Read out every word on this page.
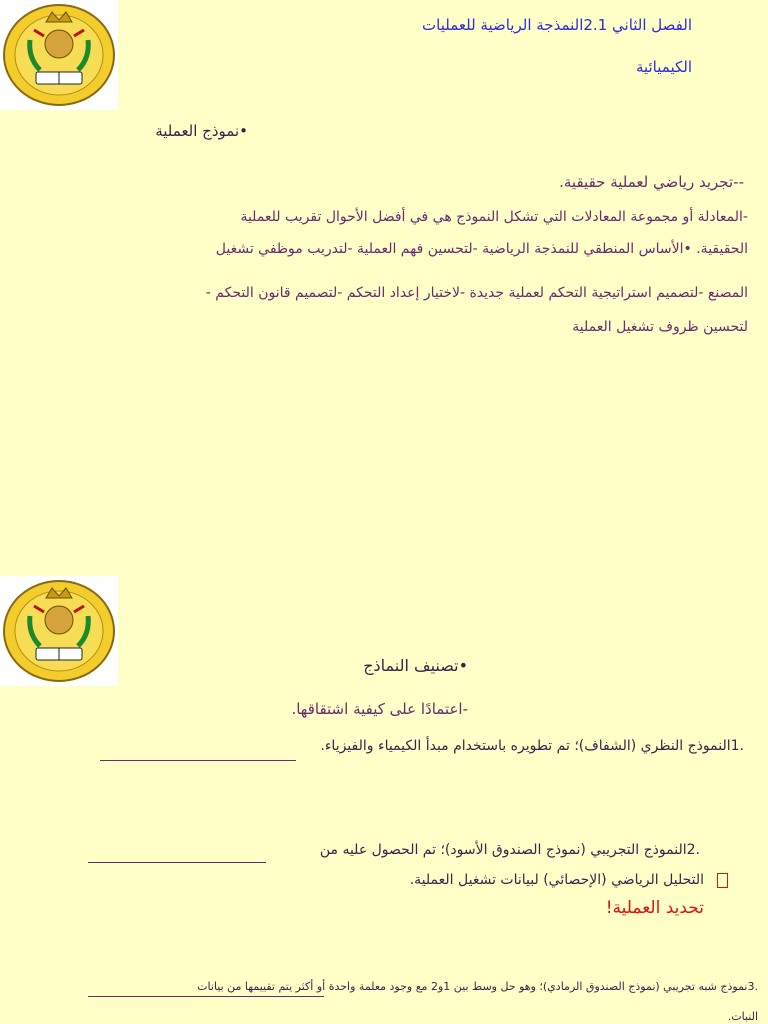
الفصل الثاني 2.1النمذجة الرياضية للعمليات
الكيميائية
•نموذج العملية
--تجريد رياضي لعملية حقيقية.
-المعادلة أو مجموعة المعادلات التي تشكل النموذج هي في أفضل الأحوال تقريب للعملية
الحقيقية. •الأساس المنطقي للنمذجة الرياضية -لتحسين فهم العملية -لتدريب موظفي تشغيل
المصنع -لتصميم استراتيجية التحكم لعملية جديدة -لاختيار إعداد التحكم -لتصميم قانون التحكم -
لتحسين ظروف تشغيل العملية
•تصنيف النماذج
-اعتمادًا على كيفية اشتقاقها.
.1النموذج النظري (الشفاف)؛ تم تطويره باستخدام مبدأ الكيمياء والفيزياء.
.2النموذج التجريبي (نموذج الصندوق الأسود)؛ تم الحصول عليه من
التحليل الرياضي (الإحصائي) لبيانات تشغيل العملية.
تحديد العملية!
.3نموذج شبه تجريبي (نموذج الصندوق الرمادي)؛ وهو حل وسط بين 1و2 مع وجود معلمة واحدة أو أكثر يتم تقييمها من بيانات
النبات.
